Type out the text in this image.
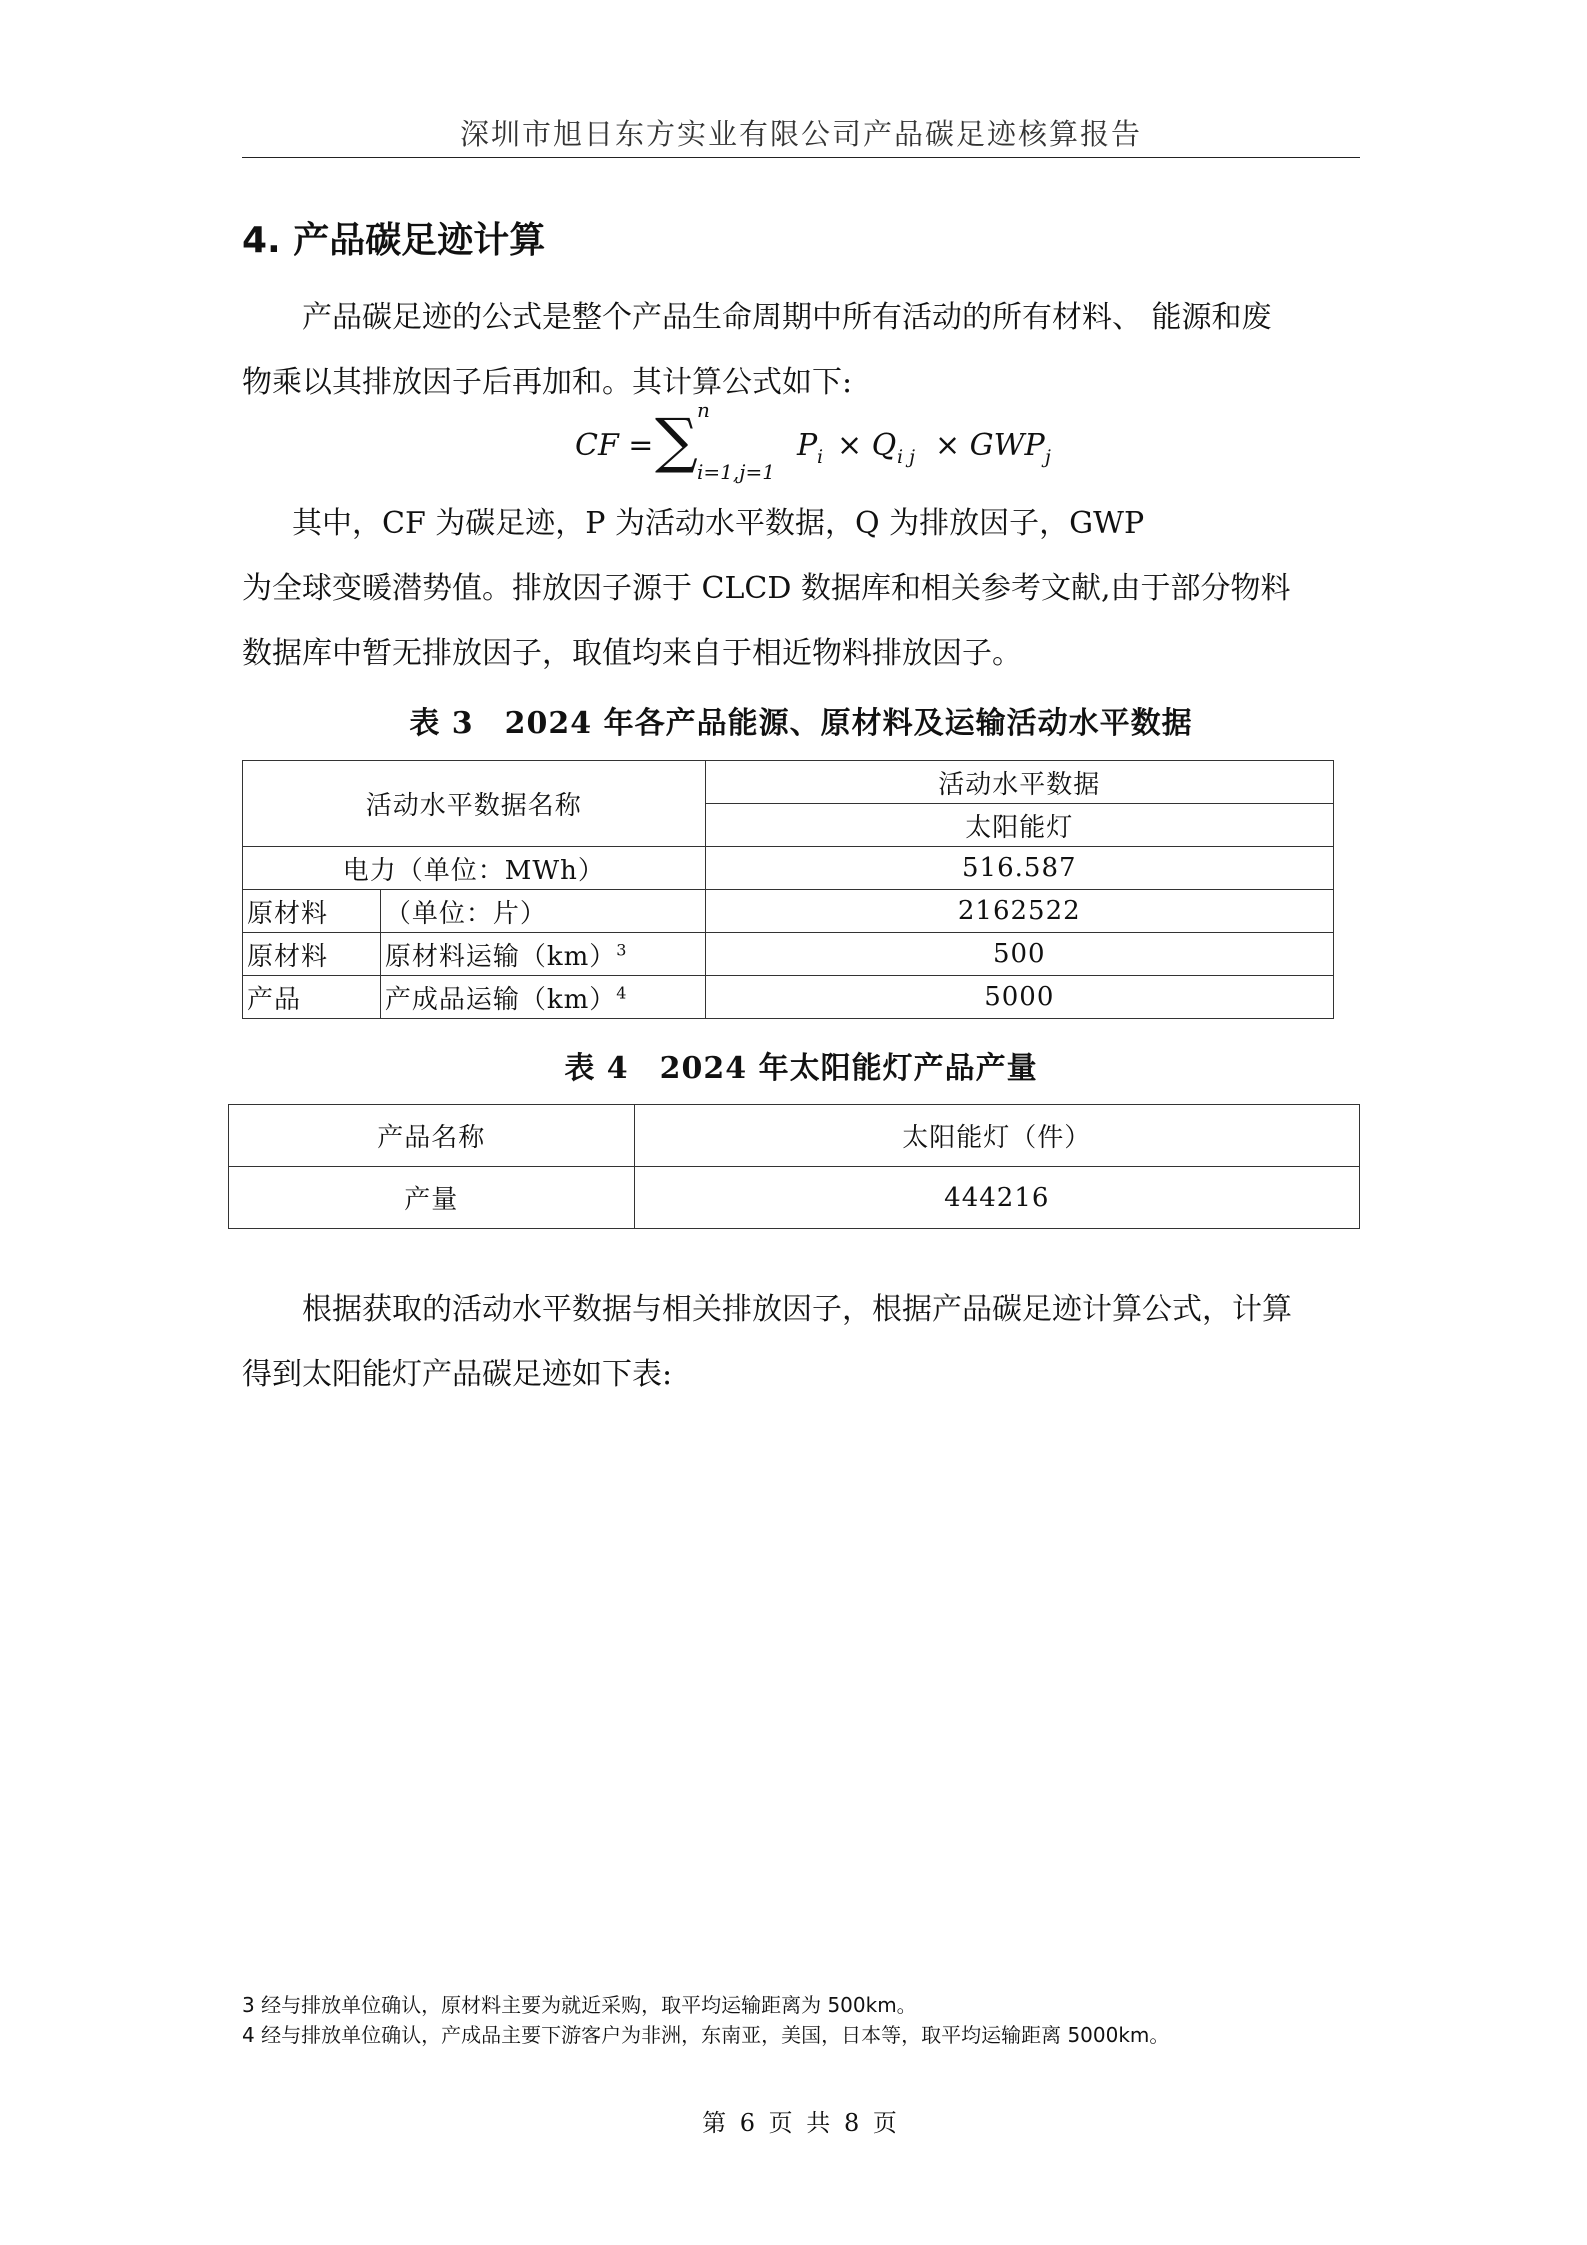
深圳市旭日东方实业有限公司产品碳足迹核算报告
4. 产品碳足迹计算

产品碳足迹的公式是整个产品生命周期中所有活动的所有材料、 能源和废

物乘以其排放因子后再加和。其计算公式如下:

CF = ∑ n
i=1,j=1
P i × Q i j × GWP j

其中，CF 为碳足迹，P 为活动水平数据，Q 为排放因子，GWP

为全球变暖潜势值。排放因子源于 CLCD 数据库和相关参考文献,由于部分物料

数据库中暂无排放因子，取值均来自于相近物料排放因子。

表 3　2024 年各产品能源、原材料及运输活动水平数据
活动水平数据名称		活动水平数据
		太阳能灯
电力（单位：MWh）		516.587
原材料	（单位：片）	2162522
原材料	原材料运输（km）$^3$	500
产品	产成品运输（km）$^4$	5000
表 4　2024 年太阳能灯产品产量
产品名称	太阳能灯（件）
产量	444216

根据获取的活动水平数据与相关排放因子，根据产品碳足迹计算公式，计算

得到太阳能灯产品碳足迹如下表:

3 经与排放单位确认，原材料主要为就近采购，取平均运输距离为 500km。
4 经与排放单位确认，产成品主要下游客户为非洲，东南亚，美国，日本等，取平均运输距离 5000km。
第 6 页 共 8 页
